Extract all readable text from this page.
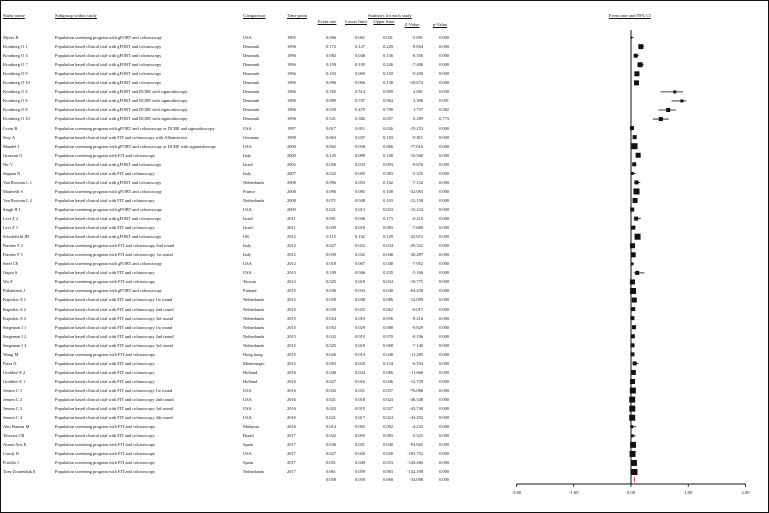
Study name	Subgroup within study	Comparison	Time point	Statistics for each study	Event rate and 95% CI
Event rate	Lower limit Upper limit
Z-Value	p-Value
Myers R	Population screening program with gFOBT and colonoscopy	USA	1995	0.006	0.001	0.041	-5.091	0.000
Kronborg O 1	Population based clinical trial with gFOBT and colonoscopy	Denmark	1996	0.172	0.127	0.229	-8.694	0.000
Kronborg O 3	Population based clinical trial with gFOBT and colonoscopy	Denmark	1996	0.082	0.048	0.136	-8.356	0.000
Kronborg O 7	Population based clinical trial with gFOBT and colonoscopy	Denmark	1996	0.159	0.109	0.226	-7.486	0.000
Kronborg O 9	Population based clinical trial with gFOBT and colonoscopy	Denmark	1996	0.103	0.069	0.150	-9.290	0.000
Kronborg O 10	Population based clinical trial with gFOBT and colonoscopy	Denmark	1996	0.096	0.066	0.138	-10.674	0.000
Kronborg O 4	Population based clinical trial with gFOBT and DCBE with sigmoidoscopy	Denmark	1996	0.765	0.514	0.909	2.061	0.039
Kronborg O 6	Population based clinical trial with gFOBT and DCBE with sigmoidoscopy	Denmark	1996	0.889	0.707	0.964	3.396	0.001
Kronborg O 8	Population based clinical trial with gFOBT and DCBE with sigmoidoscopy	Denmark	1996	0.650	0.479	0.790	1.737	0.082
Kronborg O 10	Population based clinical trial with gFOBT and DCBE with sigmoidoscopy	Denmark	1996	0.521	0.382	0.657	0.289	0.773
Levin B	Population screening program with gFOBT and colonoscopy or DCBE and sigmoidoscopy	USA	1997	0.017	0.011	0.026	-19.253	0.000
Stoy A	Population based clinical trial with FIT and colonoscopy with Albumin test	Germany	1998	0.063	0.037	0.103	-9.811	0.000
Mandel J	Population screening program with gFOBT and colonoscopy or DCBE with sigmoidoscopy	USA	2000	0.062	0.058	0.066	-77.016	0.000
Grazzini G	Population screening program with FIT and colonoscopy	Italy	2000	0.125	0.089	0.168	-10.560	0.000
Nir V	Population based clinical trial with gFOBT and colonoscopy	Israel	2002	0.056	0.033	0.093	-9.676	0.000
Segnan N	Population based clinical trial with FIT and colonoscopy	Italy	2007	0.022	0.005	0.083	-5.325	0.000
Van Rossum L 1	Population based clinical trial with gFOBT and colonoscopy	Netherlands	2008	0.096	0.053	0.162	-7.152	0.000
Manfredi S	Population screening program with gFOBT and colonoscopy	France	2008	0.096	0.085	0.108	-32.083	0.000
Van Rossum L 2	Population based clinical trial with FIT and colonoscopy	Netherlands	2008	0.071	0.048	0.103	-12.158	0.000
Singh H 1	Population screening program with gFOBT and colonoscopy	USA	2009	0.021	0.013	0.033	-15.134	0.000
Levi Z 2	Population based clinical trial with gFOBT and colonoscopy	Israel	2011	0.091	0.046	0.173	-6.210	0.000
Levi Z 1	Population based clinical trial with FIT and colonoscopy	Israel	2011	0.039	0.018	0.083	-7.680	0.000
Scholefield JH	Population based clinical trial with gFOBT and colonoscopy	UK	2012	0.115	0.102	0.129	-25.672	0.000
Parente F 2	Population screening program with FIT and colonoscopy 2nd round	Italy	2012	0.027	0.022	0.034	-29.522	0.000
Parente F 1	Population screening program with FIT and colonoscopy 1st round	Italy	2012	0.039	0.032	0.048	-30.487	0.000
Steel CE	Population screening program with gFOBT and colonoscopy	USA	2012	0.018	0.007	0.048	-7.952	0.000
Gupta S	Population based clinical trial with FIT and colonoscopy	USA	2013	0.109	0.046	0.235	-5.166	0.000
Wu P	Population screening program with FIT and colonoscopy	Taiwan	2013	0.025	0.018	0.034	-19.775	0.000
Pitkäniemi J	Population screening program with gFOBT and colonoscopy	Finland	2015	0.036	0.033	0.040	-63.458	0.000
Kapidzic A 1	Population based clinical trial with FIT and colonoscopy 1st round	Netherlands	2015	0.058	0.038	0.086	-12.099	0.000
Kapidzic A 2	Population based clinical trial with FIT and colonoscopy 2nd round	Netherlands	2015	0.039	0.025	0.062	-9.017	0.000
Kapidzic A 3	Population based clinical trial with FIT and colonoscopy 3rd round	Netherlands	2015	0.024	0.010	0.056	-8.216	0.000
Stegeman I 1	Population based clinical trial with FIT and colonoscopy 1st round	Netherlands	2015	0.052	0.029	0.088	-9.829	0.000
Stegeman I 2	Population based clinical trial with FIT and colonoscopy 2nd round	Netherlands	2015	0.032	0.019	0.070	-8.196	0.000
Stegeman I 3	Population based clinical trial with FIT and colonoscopy 3rd round	Netherlands	2015	0.025	0.018	0.068	-7.140	0.000
Wong M	Population screening program with FIT and colonoscopy	Hong kong	2015	0.026	0.014	0.048	-11.285	0.000
Parra N	Population based clinical trial with FIT and colonoscopy	Montenegro	2015	0.063	0.029	0.134	-6.594	0.000
Grobbee E 2	Population based clinical trial with FIT and colonoscopy	Holland	2016	0.040	0.024	0.066	-11.666	0.000
Grobbee E 1	Population based clinical trial with FIT and colonoscopy	Holland	2016	0.027	0.016	0.046	-12.729	0.000
Jensen C 1	Population based clinical trial with FIT and colonoscopy 1st round	USA	2016	0.032	0.031	0.037	-76.086	0.000
Jensen C 2	Population based clinical trial with FIT and colonoscopy 2nd round	USA	2016	0.021	0.018	0.024	-46.348	0.000
Jensen C 3	Population based clinical trial with FIT and colonoscopy 3rd round	USA	2016	0.023	0.019	0.027	-43.740	0.000
Jensen C 4	Population based clinical trial with FIT and colonoscopy 4th round	USA	2016	0.021	0.017	0.024	-43.292	0.000
Abu Hassan M	Population screening program with FIT and colonoscopy	Malaysia	2016	0.014	0.002	0.092	-4.233	0.000
Teixeira CR	Population based clinical trial with FIT and colonoscopy	Brazil	2017	0.022	0.005	0.083	-5.325	0.000
Arana-Arri E	Population screening program with FIT and colonoscopy	Spain	2017	0.036	0.031	0.040	-93.665	0.000
Coudy D	Population screening program with FIT and colonoscopy	USA	2017	0.027	0.026	0.028	-165.752	0.000
Portillo I	Population screening program with FIT and colonoscopy	Spain	2017	0.051	0.049	0.053	-143.266	0.000
Toes-Zoutendijk E	Population screening program with FIT and colonoscopy	Netherlands	2017	0.061	0.059	0.063	-132.198	0.000
0.058	0.050	0.068	-34.088	0.000
-2.00	-1.00	0.00	1.00	2.00
